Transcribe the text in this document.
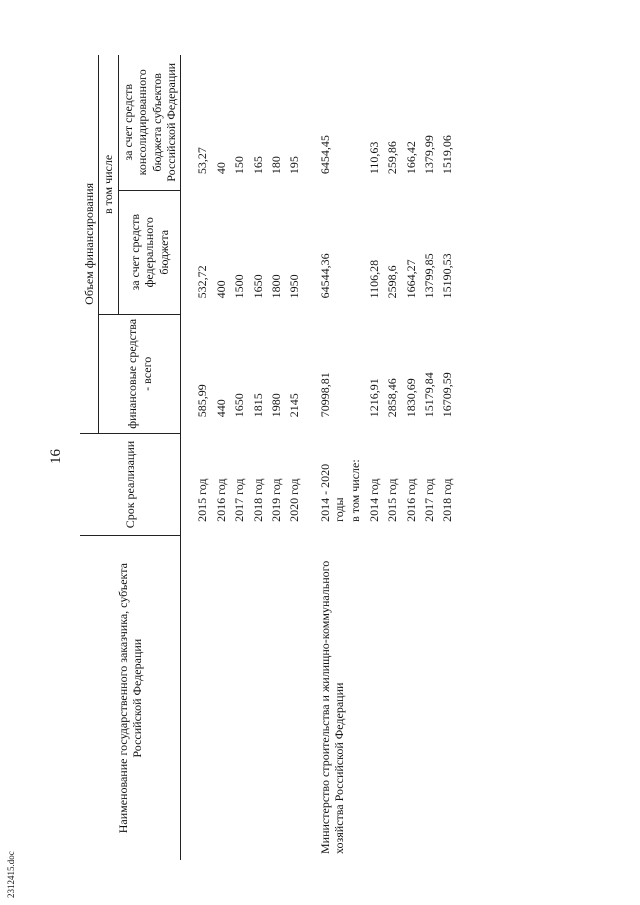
16
2312415.doc
Наименование государственного заказчика, субъекта Российской Федерации	Срок реализации	Объем финансирования		
		финансовые средства - всего	в том числе	
			за счет средств федерального бюджета	за счет средств консолидированного бюджета субъектов Российской Федерации

	2015 год	585,99	532,72	53,27
	2016 год	440	400	40
	2017 год	1650	1500	150
	2018 год	1815	1650	165
	2019 год	1980	1800	180
	2020 год	2145	1950	195

Министерство строительства и жилищно-коммунального хозяйства Российской Федерации	2014 - 2020 годы	70998,81	64544,36	6454,45
	в том числе:			
	2014 год	1216,91	1106,28	110,63
	2015 год	2858,46	2598,6	259,86
	2016 год	1830,69	1664,27	166,42
	2017 год	15179,84	13799,85	1379,99
	2018 год	16709,59	15190,53	1519,06
